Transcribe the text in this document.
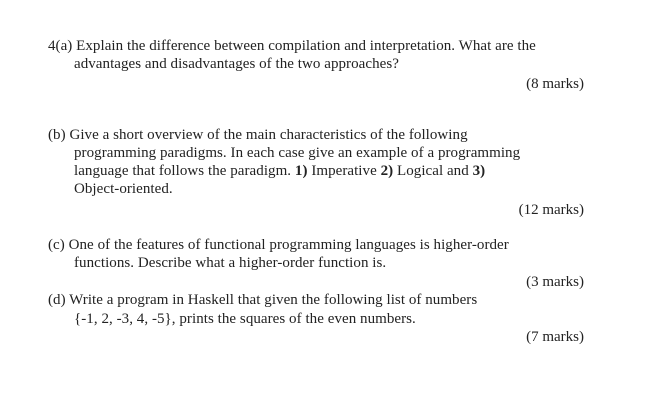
4(a) Explain the difference between compilation and interpretation. What are the
advantages and disadvantages of the two approaches?
(8 marks)
(b) Give a short overview of the main characteristics of the following
programming paradigms. In each case give an example of a programming
language that follows the paradigm. 1) Imperative 2) Logical and 3)
Object-oriented.
(12 marks)
(c) One of the features of functional programming languages is higher-order
functions. Describe what a higher-order function is.
(3 marks)
(d) Write a program in Haskell that given the following list of numbers
{-1, 2, -3, 4, -5}, prints the squares of the even numbers.
(7 marks)
